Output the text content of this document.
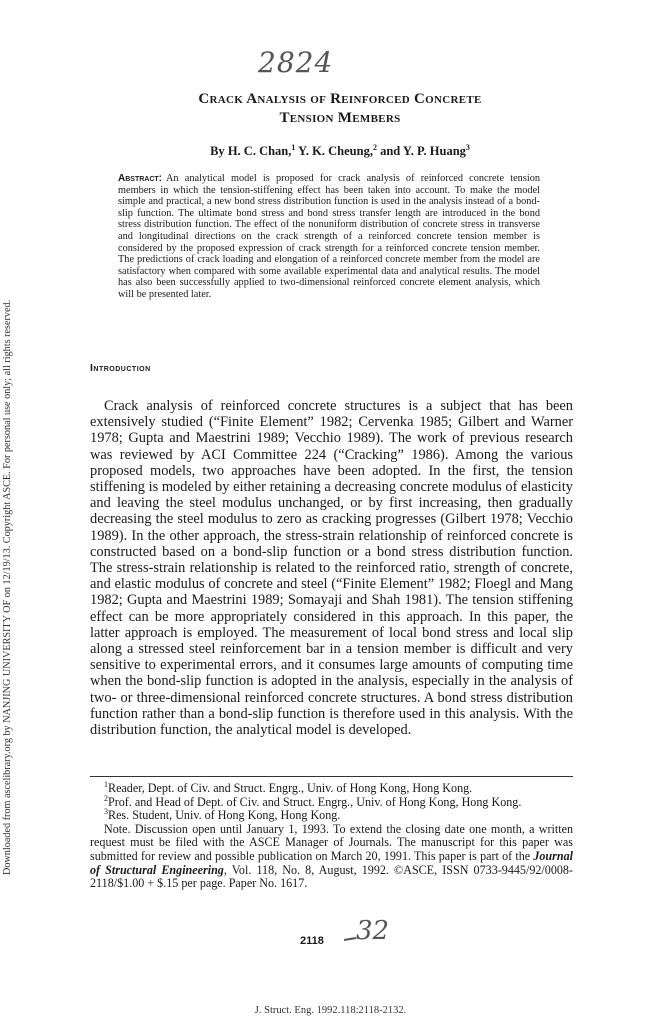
Downloaded from ascelibrary.org by NANJING UNIVERSITY OF on 12/19/13. Copyright ASCE. For personal use only; all rights reserved.
2824
Crack Analysis of Reinforced Concrete
Tension Members
By H. C. Chan,$^1$ Y. K. Cheung,$^2$ and Y. P. Huang$^3$
Abstract: An analytical model is proposed for crack analysis of reinforced concrete tension members in which the tension-stiffening effect has been taken into account. To make the model simple and practical, a new bond stress distribution function is used in the analysis instead of a bond-slip function. The ultimate bond stress and bond stress transfer length are introduced in the bond stress distribution function. The effect of the nonuniform distribution of concrete stress in transverse and longitudinal directions on the crack strength of a reinforced concrete tension member is considered by the proposed expression of crack strength for a reinforced concrete tension member. The predictions of crack loading and elongation of a reinforced concrete member from the model are satisfactory when compared with some available experimental data and analytical results. The model has also been successfully applied to two-dimensional reinforced concrete element analysis, which will be presented later.
Introduction

Crack analysis of reinforced concrete structures is a subject that has been extensively studied (“Finite Element” 1982; Cervenka 1985; Gilbert and Warner 1978; Gupta and Maestrini 1989; Vecchio 1989). The work of previous research was reviewed by ACI Committee 224 (“Cracking” 1986). Among the various proposed models, two approaches have been adopted. In the first, the tension stiffening is modeled by either retaining a decreasing concrete modulus of elasticity and leaving the steel modulus unchanged, or by first increasing, then gradually decreasing the steel modulus to zero as cracking progresses (Gilbert 1978; Vecchio 1989). In the other approach, the stress-strain relationship of reinforced concrete is constructed based on a bond-slip function or a bond stress distribution function. The stress-strain relationship is related to the reinforced ratio, strength of concrete, and elastic modulus of concrete and steel (“Finite Element” 1982; Floegl and Mang 1982; Gupta and Maestrini 1989; Somayaji and Shah 1981). The tension stiffening effect can be more appropriately considered in this approach. In this paper, the latter approach is employed. The measurement of local bond stress and local slip along a stressed steel reinforcement bar in a tension member is difficult and very sensitive to experimental errors, and it consumes large amounts of computing time when the bond-slip function is adopted in the analysis, especially in the analysis of two- or three-dimensional reinforced concrete structures. A bond stress distribution function rather than a bond-slip function is therefore used in this analysis. With the distribution function, the analytical model is developed.

$^1$Reader, Dept. of Civ. and Struct. Engrg., Univ. of Hong Kong, Hong Kong.

$^2$Prof. and Head of Dept. of Civ. and Struct. Engrg., Univ. of Hong Kong, Hong Kong.

$^3$Res. Student, Univ. of Hong Kong, Hong Kong.

Note. Discussion open until January 1, 1993. To extend the closing date one month, a written request must be filed with the ASCE Manager of Journals. The manuscript for this paper was submitted for review and possible publication on March 20, 1991. This paper is part of the Journal of Structural Engineering, Vol. 118, No. 8, August, 1992. ©ASCE, ISSN 0733-9445/92/0008-2118/$1.00 + $.15 per page. Paper No. 1617.

2118 32
J. Struct. Eng. 1992.118:2118-2132.
